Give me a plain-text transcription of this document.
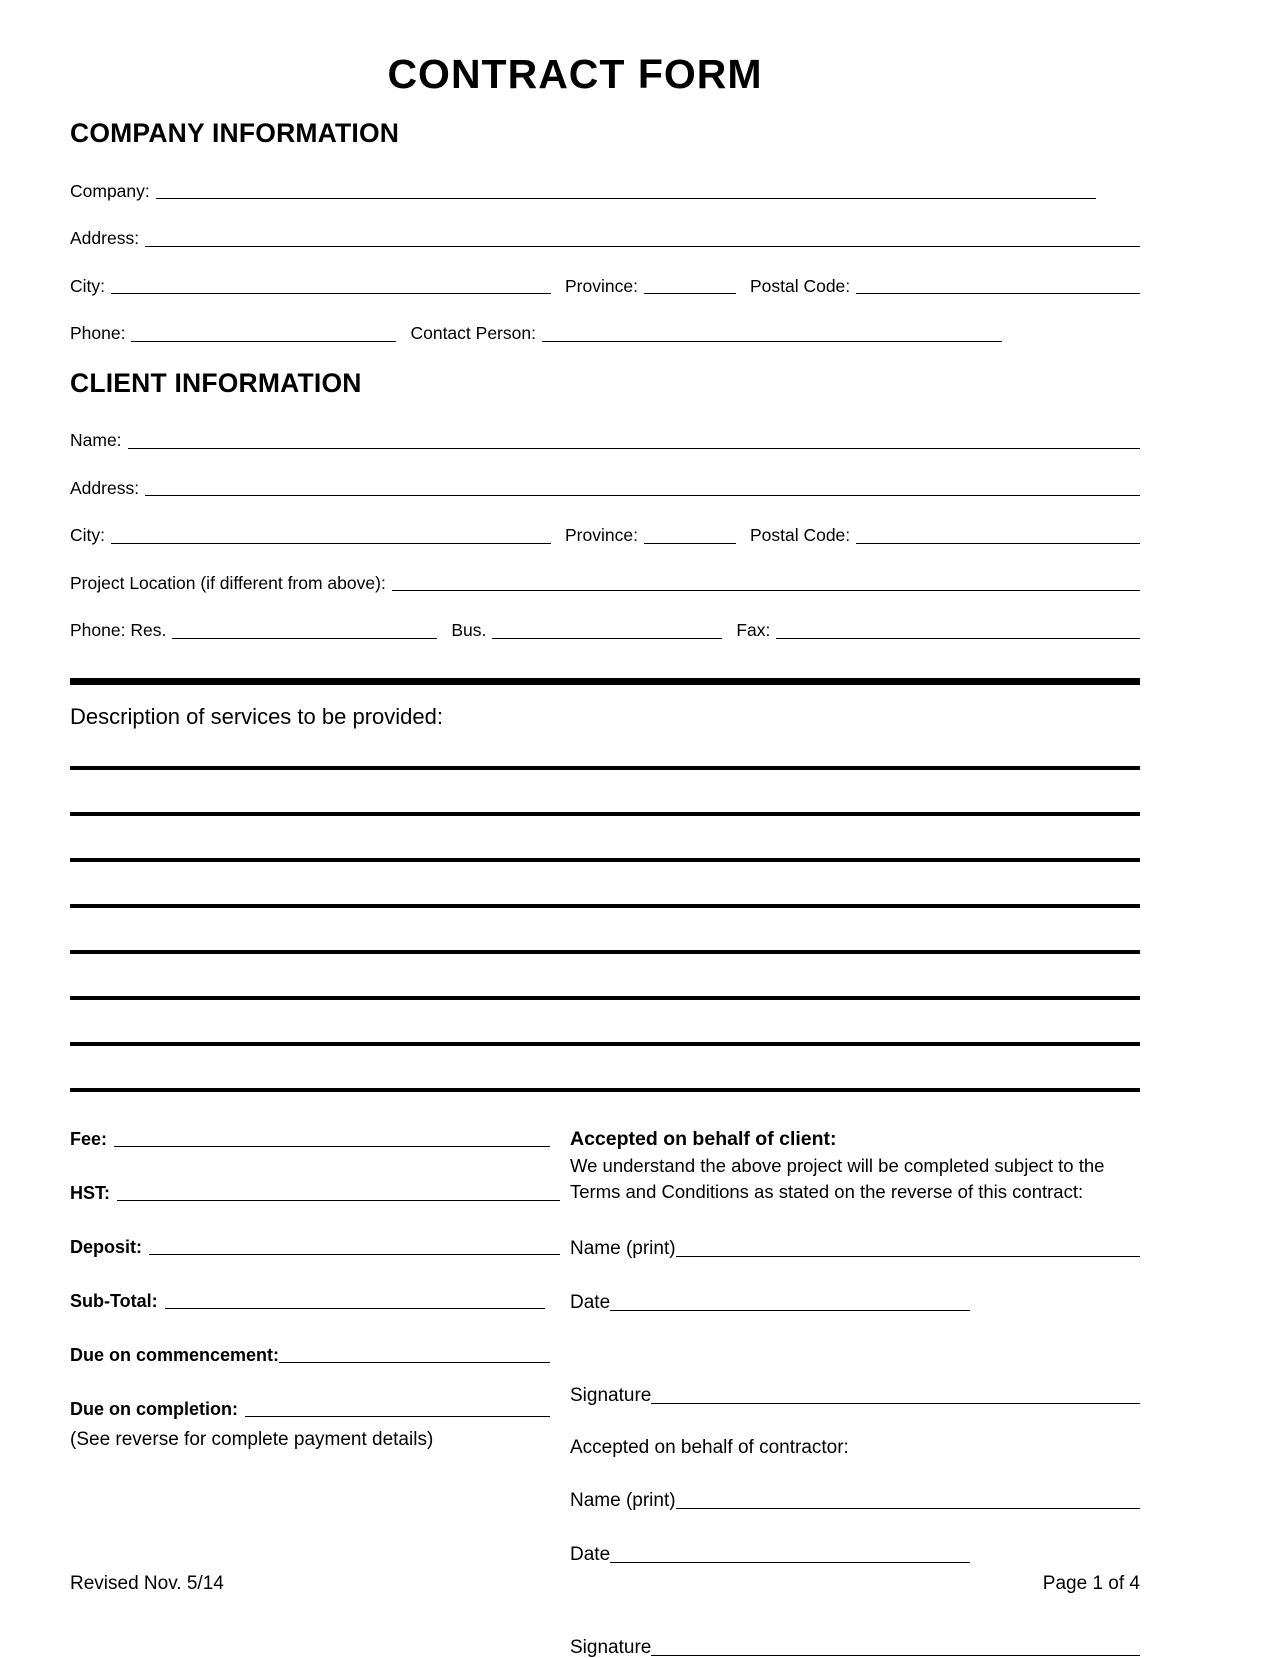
CONTRACT FORM
COMPANY INFORMATION
Company:
Address:
City:	Province:	Postal Code:
Phone:	Contact Person:
CLIENT INFORMATION
Name:
Address:
City:	Province:	Postal Code:
Project Location (if different from above):
Phone: Res.	Bus.	Fax:
Description of services to be provided:
Fee:
HST:
Deposit:
Sub-Total:
Due on commencement:
Due on completion:
(See reverse for complete payment details)
Accepted on behalf of client:
We understand the above project will be completed subject to the
Terms and Conditions as stated on the reverse of this contract:
Name (print)
Date
Signature
Accepted on behalf of contractor:
Name (print)
Date
Signature
Revised Nov. 5/14	Page 1 of 4
